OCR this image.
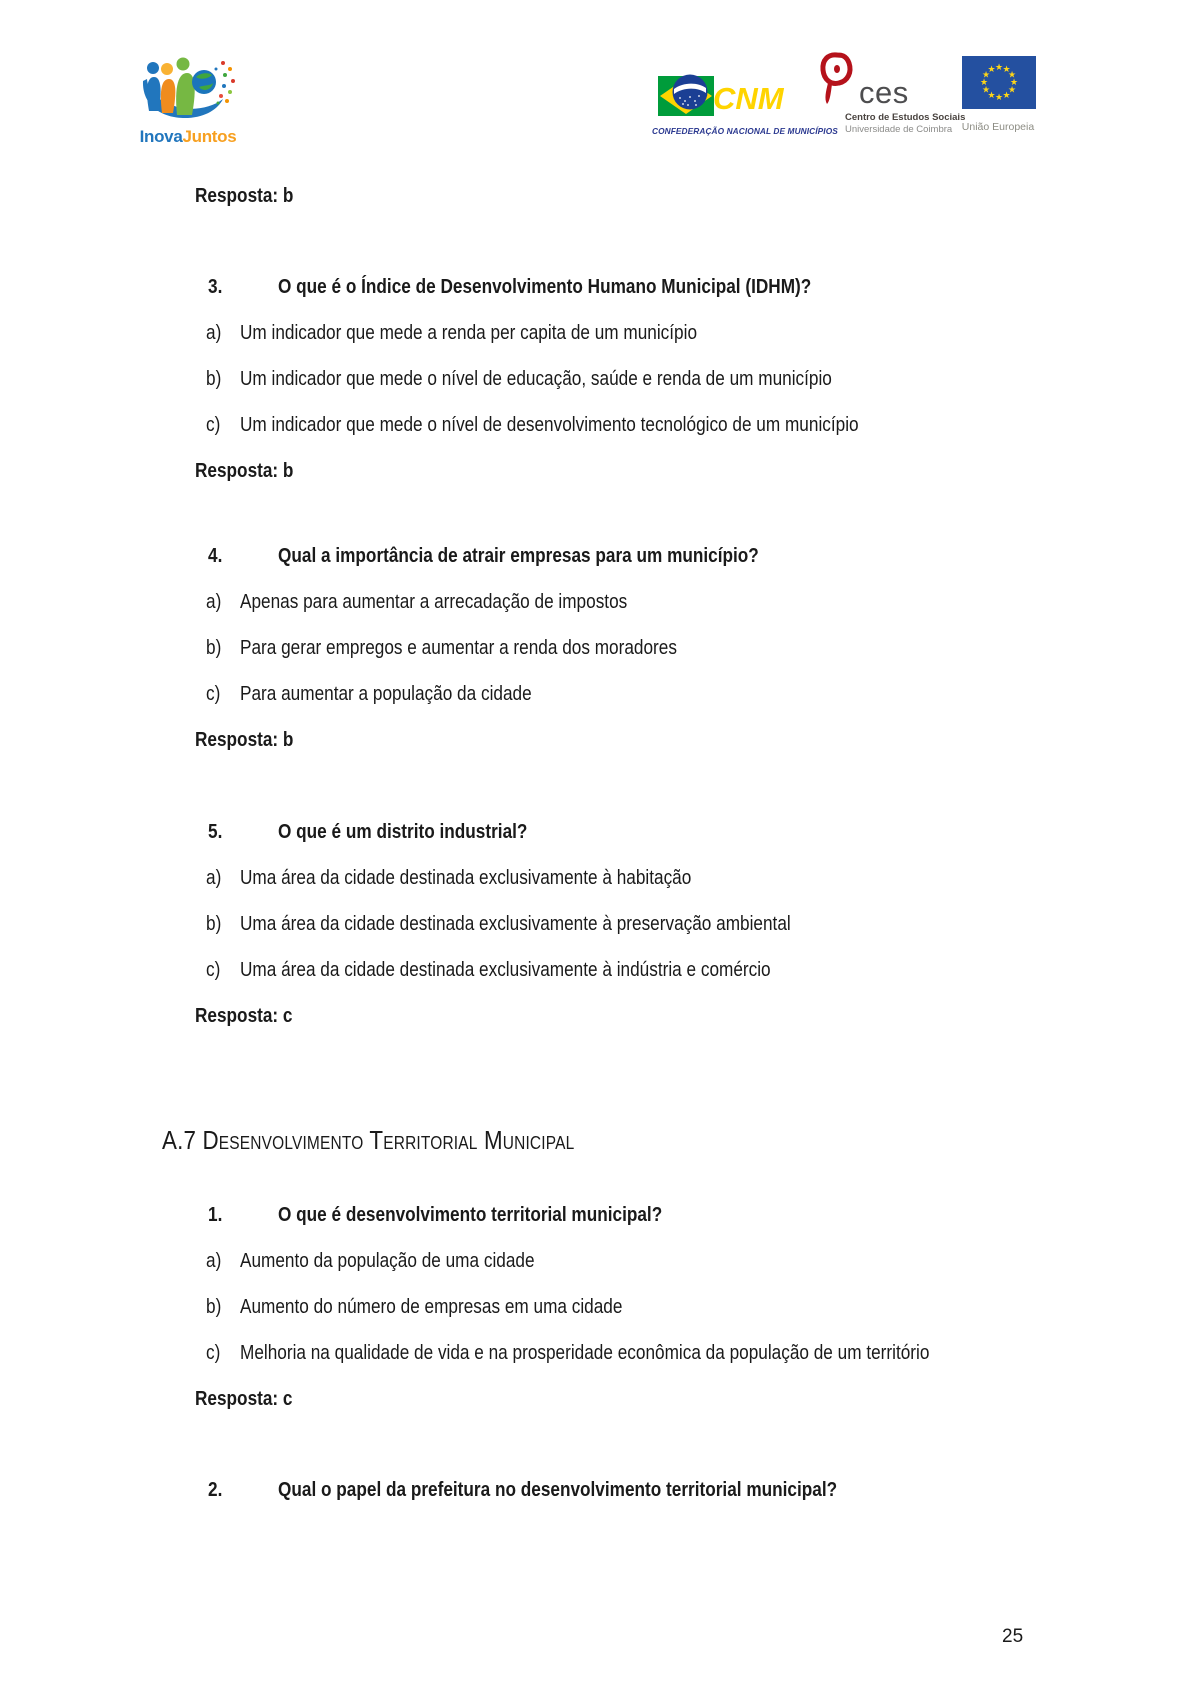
InovaJuntos
CNM
CONFEDERAÇÃO NACIONAL DE MUNICÍPIOS
ces
Centro de Estudos Sociais
Universidade de Coimbra
★ ★
★
★
★
★
★
★
★
★
★
★
União Europeia
Resposta: b
3.	O que é o Índice de Desenvolvimento Humano Municipal (IDHM)?
a) Um indicador que mede a renda per capita de um município
b) Um indicador que mede o nível de educação, saúde e renda de um município
c) Um indicador que mede o nível de desenvolvimento tecnológico de um município
Resposta: b
4.	Qual a importância de atrair empresas para um município?
a) Apenas para aumentar a arrecadação de impostos
b) Para gerar empregos e aumentar a renda dos moradores
c) Para aumentar a população da cidade
Resposta: b
5.	O que é um distrito industrial?
a) Uma área da cidade destinada exclusivamente à habitação
b) Uma área da cidade destinada exclusivamente à preservação ambiental
c) Uma área da cidade destinada exclusivamente à indústria e comércio
Resposta: c
A.7 Desenvolvimento Territorial Municipal
1.	O que é desenvolvimento territorial municipal?
a) Aumento da população de uma cidade
b) Aumento do número de empresas em uma cidade
c) Melhoria na qualidade de vida e na prosperidade econômica da população de um território
Resposta: c
2.	Qual o papel da prefeitura no desenvolvimento territorial municipal?
25
